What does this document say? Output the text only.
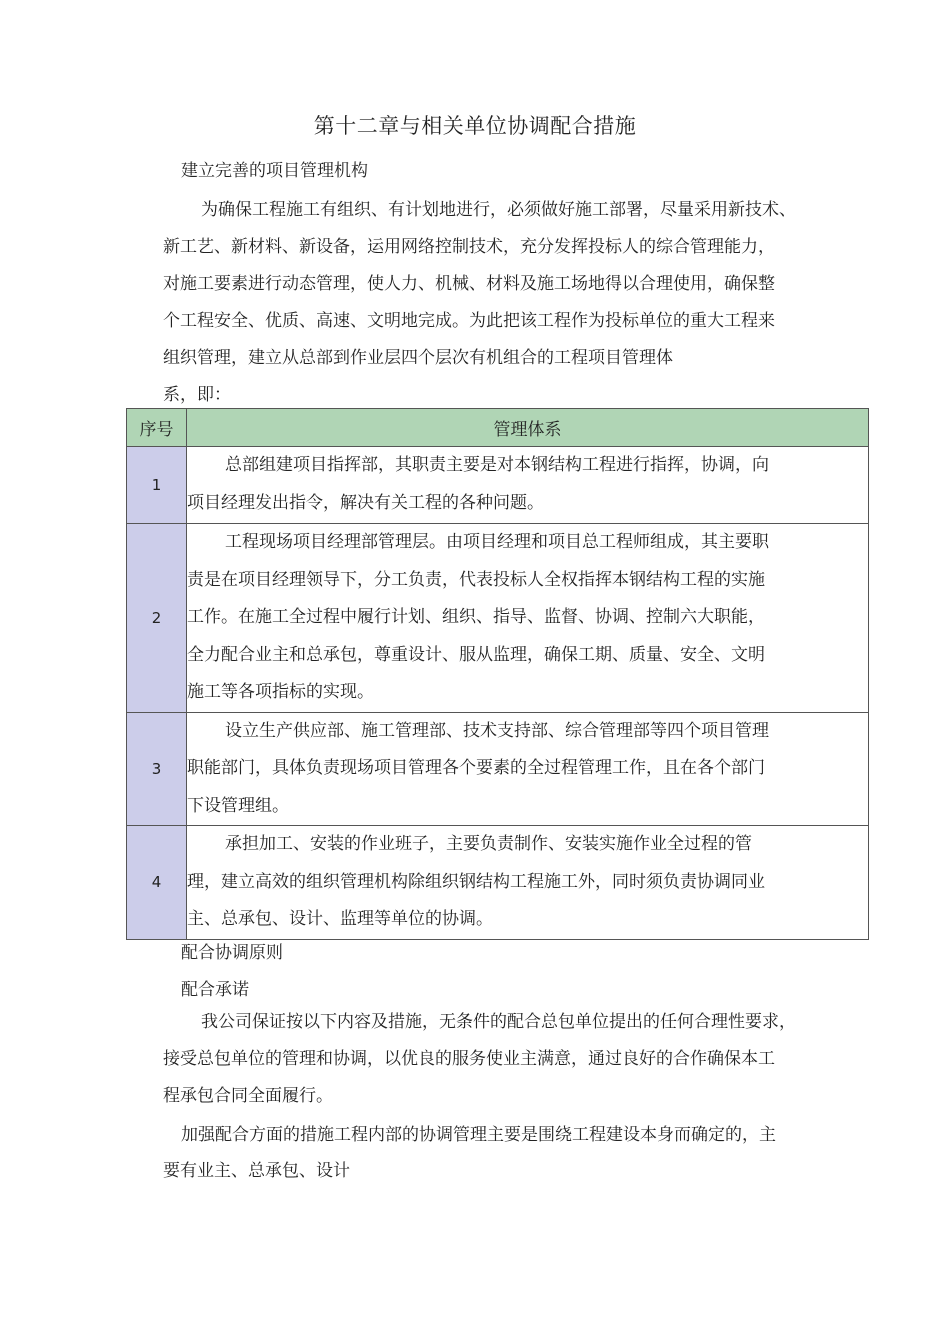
第十二章与相关单位协调配合措施
建立完善的项目管理机构
为确保工程施工有组织、有计划地进行，必须做好施工部署，尽量采用新技术、
新工艺、新材料、新设备，运用网络控制技术，充分发挥投标人的综合管理能力，
对施工要素进行动态管理，使人力、机械、材料及施工场地得以合理使用，确保整
个工程安全、优质、高速、文明地完成。为此把该工程作为投标单位的重大工程来
组织管理，建立从总部到作业层四个层次有机组合的工程项目管理体
系，即：
序号	管理体系
1	总部组建项目指挥部，其职责主要是对本钢结构工程进行指挥，协调，向
项目经理发出指令，解决有关工程的各种问题。

2	工程现场项目经理部管理层。由项目经理和项目总工程师组成，其主要职
责是在项目经理领导下，分工负责，代表投标人全权指挥本钢结构工程的实施
工作。在施工全过程中履行计划、组织、指导、监督、协调、控制六大职能，
全力配合业主和总承包，尊重设计、服从监理，确保工期、质量、安全、文明
施工等各项指标的实现。

3	设立生产供应部、施工管理部、技术支持部、综合管理部等四个项目管理
职能部门，具体负责现场项目管理各个要素的全过程管理工作，且在各个部门
下设管理组。

4	承担加工、安装的作业班子，主要负责制作、安装实施作业全过程的管
理，建立高效的组织管理机构除组织钢结构工程施工外，同时须负责协调同业
主、总承包、设计、监理等单位的协调。
配合协调原则
配合承诺
我公司保证按以下内容及措施，无条件的配合总包单位提出的任何合理性要求，
接受总包单位的管理和协调，以优良的服务使业主满意，通过良好的合作确保本工
程承包合同全面履行。
加强配合方面的措施工程内部的协调管理主要是围绕工程建设本身而确定的，主
要有业主、总承包、设计
